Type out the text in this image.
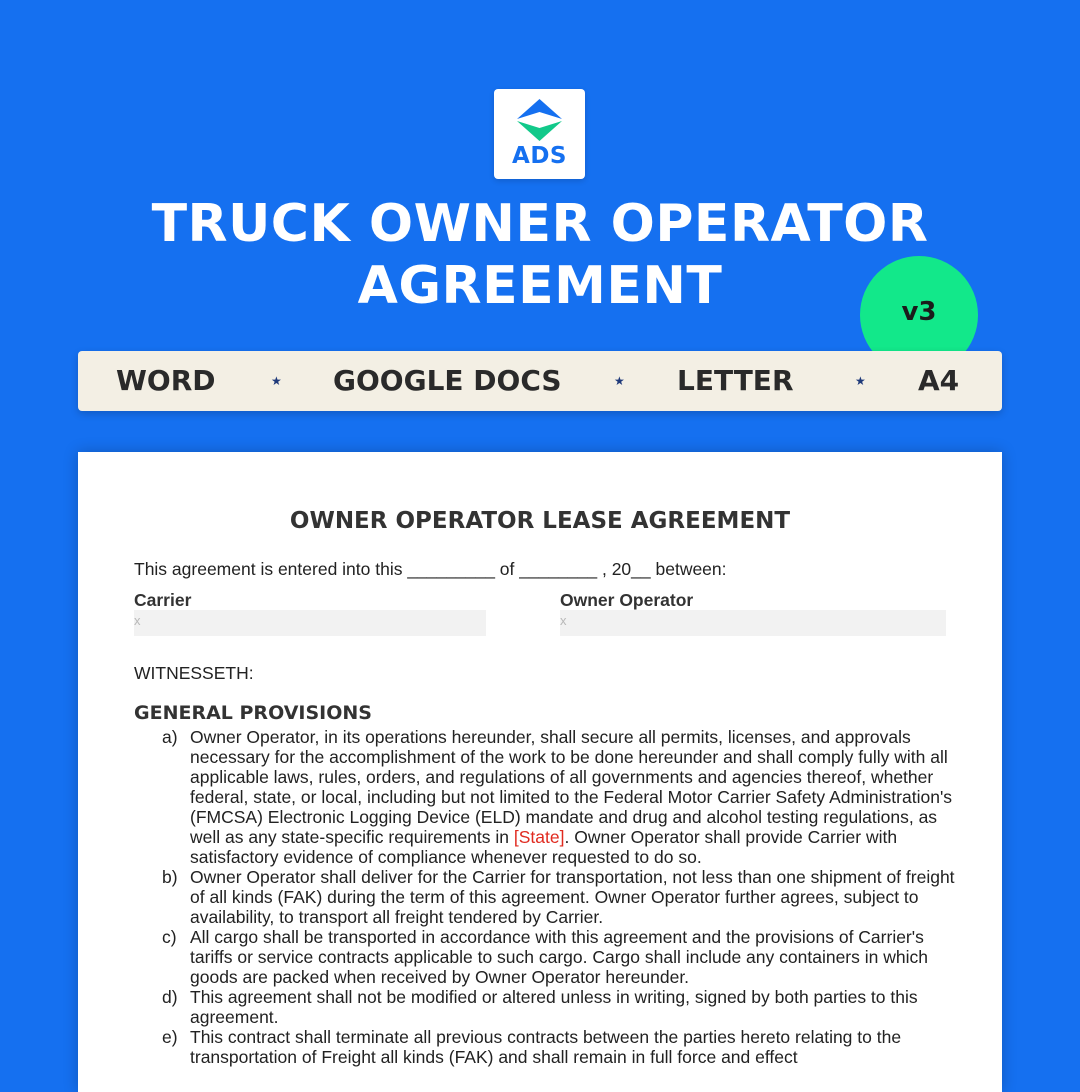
ADS
TRUCK OWNER OPERATOR
AGREEMENT	v3
WORD	★ GOOGLE DOCS	★ LETTER	★ A4
OWNER OPERATOR LEASE AGREEMENT
This agreement is entered into this _________ of ________ , 20__ between:
Carrier
x
Owner Operator
x
WITNESSETH:
GENERAL PROVISIONS
a) Owner Operator, in its operations hereunder, shall secure all permits, licenses, and approvals necessary for the accomplishment of the work to be done hereunder and shall comply fully with all applicable laws, rules, orders, and regulations of all governments and agencies thereof, whether federal, state, or local, including but not limited to the Federal Motor Carrier Safety Administration's (FMCSA) Electronic Logging Device (ELD) mandate and drug and alcohol testing regulations, as well as any state-specific requirements in [State]. Owner Operator shall provide Carrier with satisfactory evidence of compliance whenever requested to do so.
b) Owner Operator shall deliver for the Carrier for transportation, not less than one shipment of freight of all kinds (FAK) during the term of this agreement. Owner Operator further agrees, subject to availability, to transport all freight tendered by Carrier.
c) All cargo shall be transported in accordance with this agreement and the provisions of Carrier's tariffs or service contracts applicable to such cargo. Cargo shall include any containers in which goods are packed when received by Owner Operator hereunder.
d) This agreement shall not be modified or altered unless in writing, signed by both parties to this agreement.
e) This contract shall terminate all previous contracts between the parties hereto relating to the transportation of Freight all kinds (FAK) and shall remain in full force and effect
